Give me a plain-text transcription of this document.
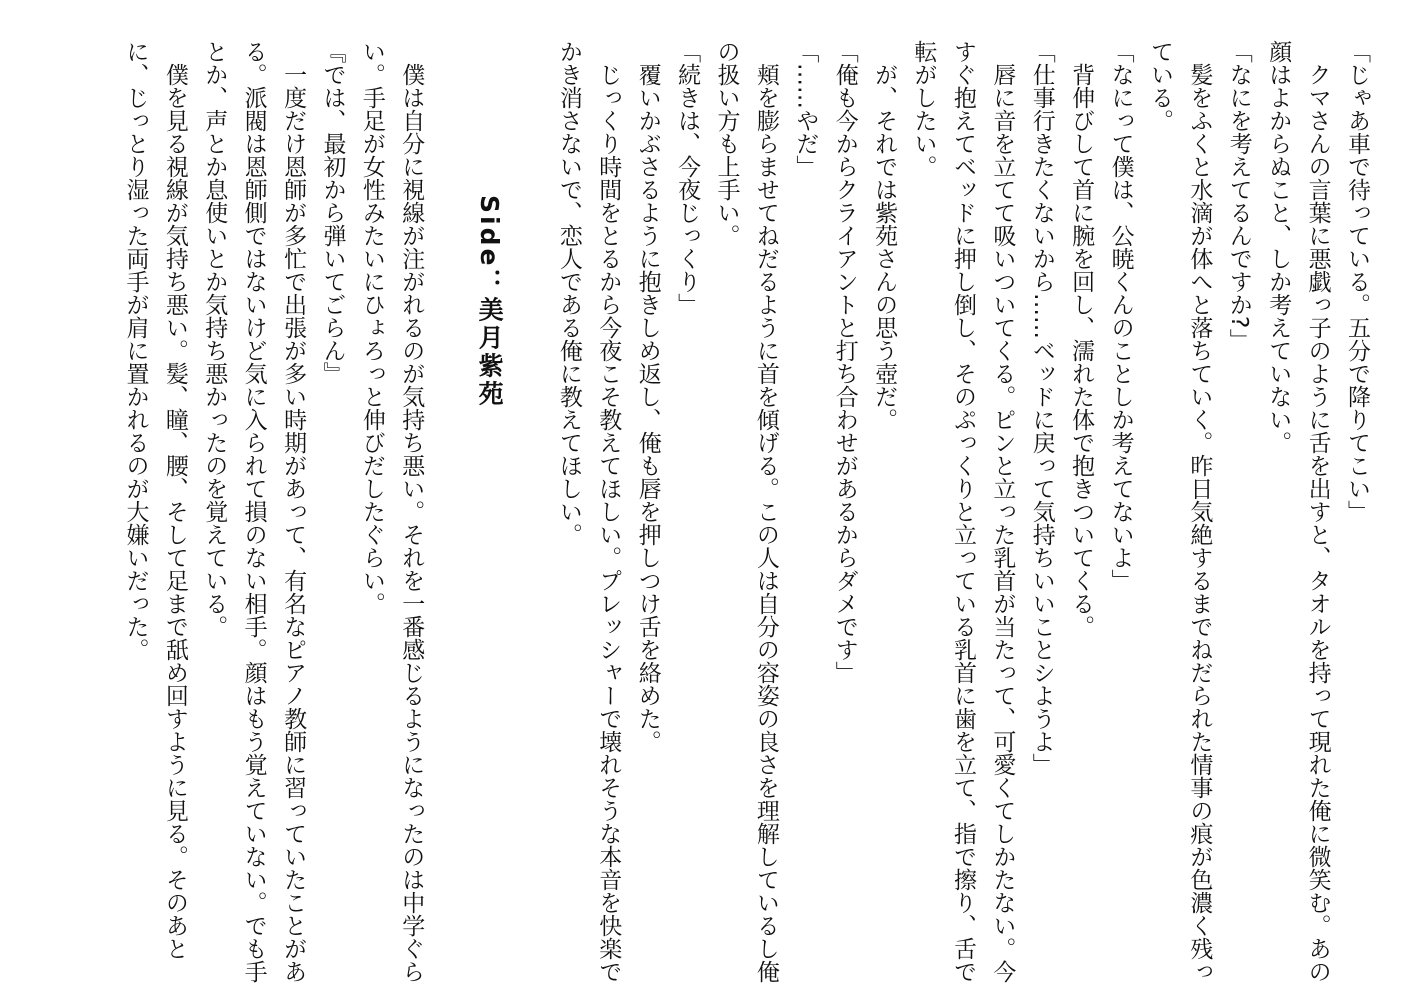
「じゃあ車で待っている。五分で降りてこい」
　クマさんの言葉に悪戯っ子のように舌を出すと、タオルを持って現れた俺に微笑む。あの
顔はよからぬこと、しか考えていない。
「なにを考えてるんですか?」
　髪をふくと水滴が体へと落ちていく。昨日気絶するまでねだられた情事の痕が色濃く残っ
ている。
「なにって僕は、公暁くんのことしか考えてないよ」
　背伸びして首に腕を回し、濡れた体で抱きついてくる。
「仕事行きたくないから……ベッドに戻って気持ちいいことシようよ」
　唇に音を立てて吸いついてくる。ピンと立った乳首が当たって、可愛くてしかたない。今
すぐ抱えてベッドに押し倒し、そのぷっくりと立っている乳首に歯を立て、指で擦り、舌で
転がしたい。
　が、それでは紫苑さんの思う壺だ。
「俺も今からクライアントと打ち合わせがあるからダメです」
「……やだ」
　頬を膨らませてねだるように首を傾げる。この人は自分の容姿の良さを理解しているし俺
の扱い方も上手い。
「続きは、今夜じっくり」
　覆いかぶさるように抱きしめ返し、俺も唇を押しつけ舌を絡めた。
　じっくり時間をとるから今夜こそ教えてほしい。プレッシャーで壊れそうな本音を快楽で
かき消さないで、恋人である俺に教えてほしい。
Side：美月紫苑
　僕は自分に視線が注がれるのが気持ち悪い。それを一番感じるようになったのは中学ぐら
い。手足が女性みたいにひょろっと伸びだしたぐらい。
『では、最初から弾いてごらん』
　一度だけ恩師が多忙で出張が多い時期があって、有名なピアノ教師に習っていたことがあ
る。派閥は恩師側ではないけど気に入られて損のない相手。顔はもう覚えていない。でも手
とか、声とか息使いとか気持ち悪かったのを覚えている。
　僕を見る視線が気持ち悪い。髪、瞳、腰、そして足まで舐め回すように見る。そのあと
に、じっとり湿った両手が肩に置かれるのが大嫌いだった。
